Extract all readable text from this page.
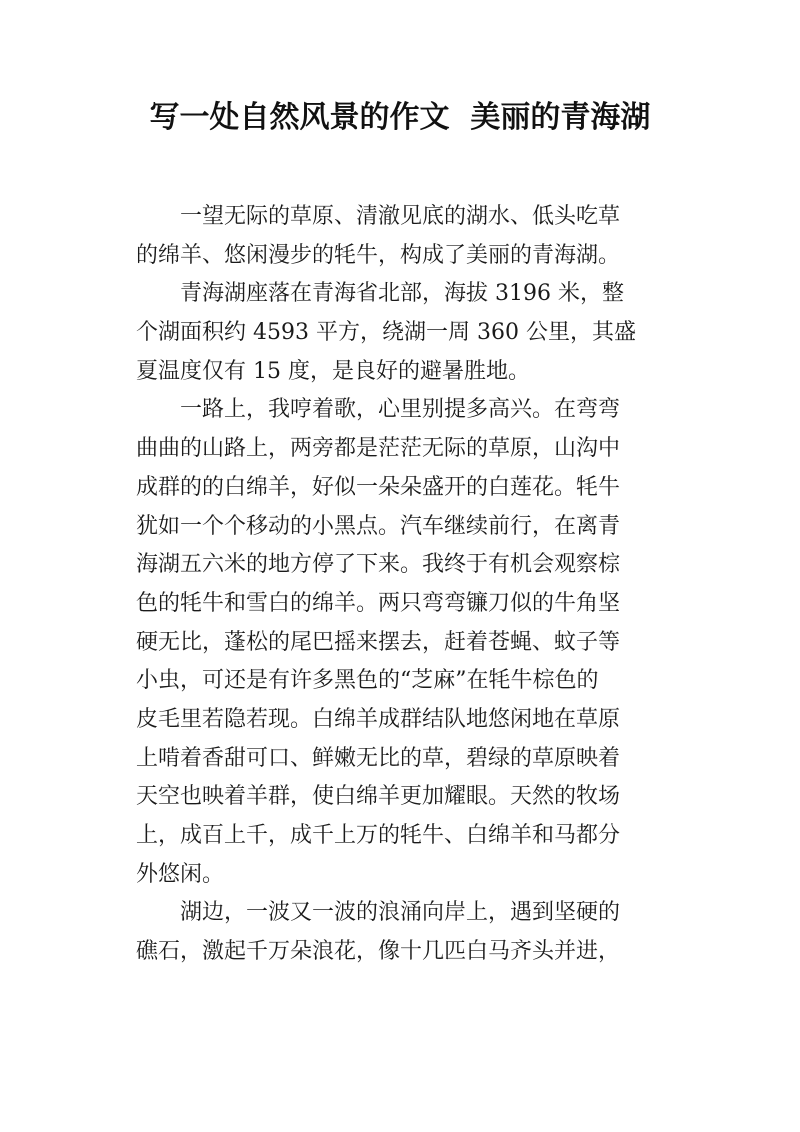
写一处自然风景的作文  美丽的青海湖
一望无际的草原、清澈见底的湖水、低头吃草
的绵羊、悠闲漫步的牦牛，构成了美丽的青海湖。
青海湖座落在青海省北部，海拔 3196 米，整
个湖面积约 4593 平方，绕湖一周 360 公里，其盛
夏温度仅有 15 度，是良好的避暑胜地。
一路上，我哼着歌，心里别提多高兴。在弯弯
曲曲的山路上，两旁都是茫茫无际的草原，山沟中
成群的的白绵羊，好似一朵朵盛开的白莲花。牦牛
犹如一个个移动的小黑点。汽车继续前行，在离青
海湖五六米的地方停了下来。我终于有机会观察棕
色的牦牛和雪白的绵羊。两只弯弯镰刀似的牛角坚
硬无比，蓬松的尾巴摇来摆去，赶着苍蝇、蚊子等
小虫，可还是有许多黑色的“芝麻”在牦牛棕色的
皮毛里若隐若现。白绵羊成群结队地悠闲地在草原
上啃着香甜可口、鲜嫩无比的草，碧绿的草原映着
天空也映着羊群，使白绵羊更加耀眼。天然的牧场
上，成百上千，成千上万的牦牛、白绵羊和马都分
外悠闲。
湖边，一波又一波的浪涌向岸上，遇到坚硬的
礁石，激起千万朵浪花，像十几匹白马齐头并进，
